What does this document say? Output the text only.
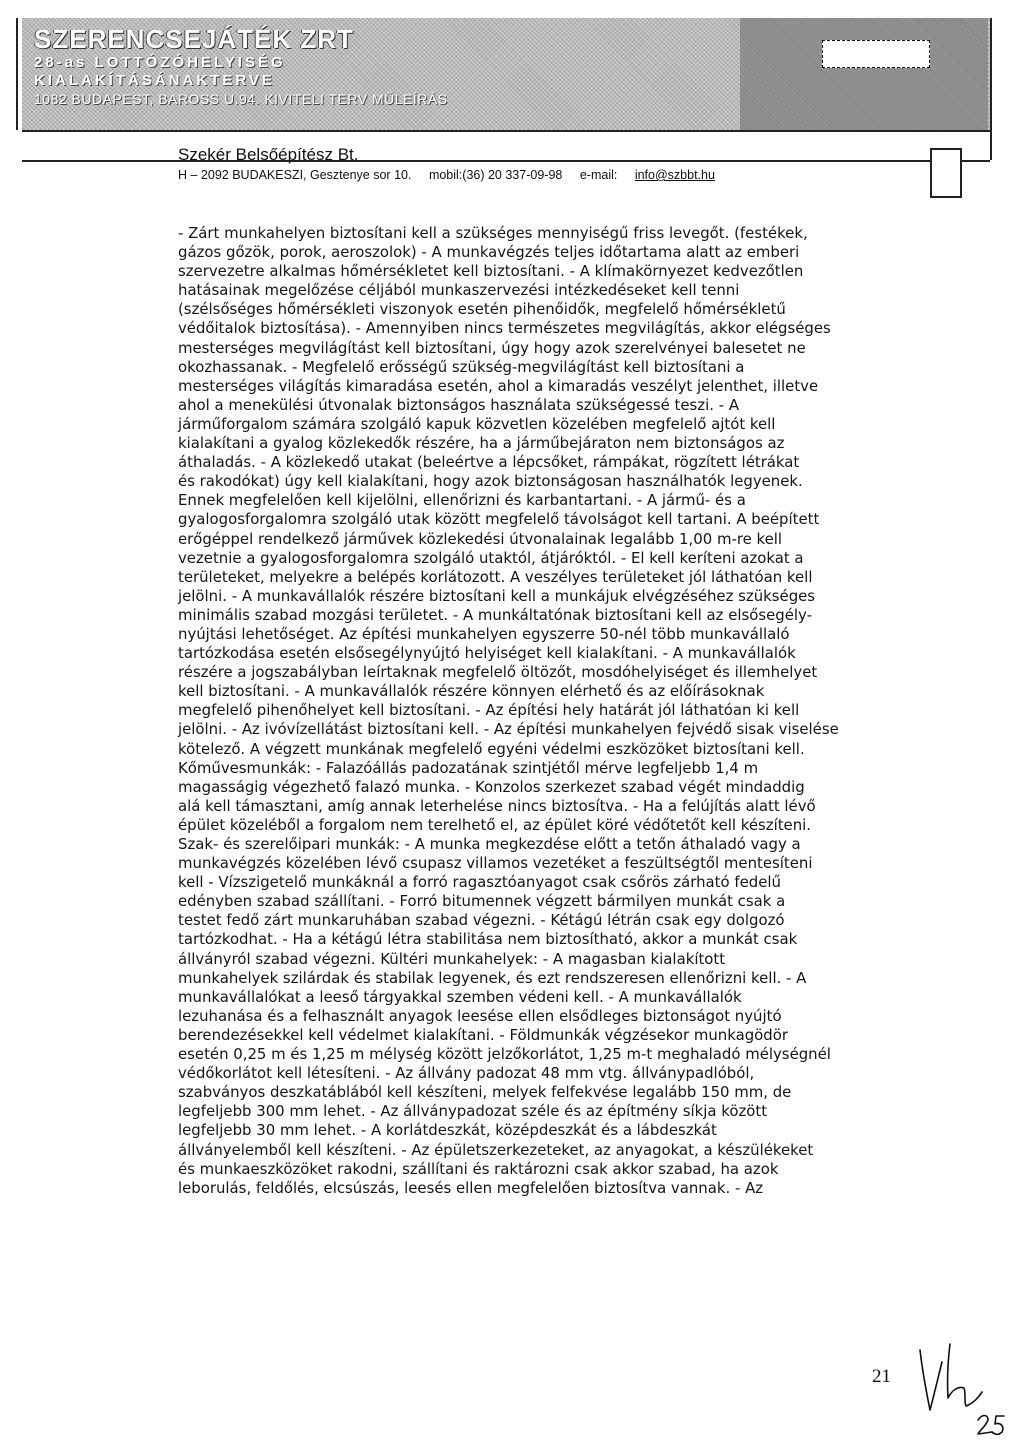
SZERENCSEJÁTÉK ZRT
28-as LOTTÓZÓHELYISÉG
KIALAKÍTÁSÁNAKTERVE
1082 BUDAPEST, BAROSS U.94. KIVITELI TERV MŰLEÍRÁS
Szekér Belsőépítész Bt.
H – 2092 BUDAKESZI, Gesztenye sor 10. mobil:(36) 20 337-09-98 e-mail: info@szbbt.hu
- Zárt munkahelyen biztosítani kell a szükséges mennyiségű friss levegőt. (festékek,
gázos gőzök, porok, aeroszolok) - A munkavégzés teljes időtartama alatt az emberi
szervezetre alkalmas hőmérsékletet kell biztosítani. - A klímakörnyezet kedvezőtlen
hatásainak megelőzése céljából munkaszervezési intézkedéseket kell tenni
(szélsőséges hőmérsékleti viszonyok esetén pihenőidők, megfelelő hőmérsékletű
védőitalok biztosítása). - Amennyiben nincs természetes megvilágítás, akkor elégséges
mesterséges megvilágítást kell biztosítani, úgy hogy azok szerelvényei balesetet ne
okozhassanak. - Megfelelő erősségű szükség-megvilágítást kell biztosítani a
mesterséges világítás kimaradása esetén, ahol a kimaradás veszélyt jelenthet, illetve
ahol a menekülési útvonalak biztonságos használata szükségessé teszi. - A
járműforgalom számára szolgáló kapuk közvetlen közelében megfelelő ajtót kell
kialakítani a gyalog közlekedők részére, ha a járműbejáraton nem biztonságos az
áthaladás. - A közlekedő utakat (beleértve a lépcsőket, rámpákat, rögzített létrákat
és rakodókat) úgy kell kialakítani, hogy azok biztonságosan használhatók legyenek.
Ennek megfelelően kell kijelölni, ellenőrizni és karbantartani. - A jármű- és a
gyalogosforgalomra szolgáló utak között megfelelő távolságot kell tartani. A beépített
erőgéppel rendelkező járművek közlekedési útvonalainak legalább 1,00 m-re kell
vezetnie a gyalogosforgalomra szolgáló utaktól, átjáróktól. - El kell keríteni azokat a
területeket, melyekre a belépés korlátozott. A veszélyes területeket jól láthatóan kell
jelölni. - A munkavállalók részére biztosítani kell a munkájuk elvégzéséhez szükséges
minimális szabad mozgási területet. - A munkáltatónak biztosítani kell az elsősegély-
nyújtási lehetőséget. Az építési munkahelyen egyszerre 50-nél több munkavállaló
tartózkodása esetén elsősegélynyújtó helyiséget kell kialakítani. - A munkavállalók
részére a jogszabályban leírtaknak megfelelő öltözőt, mosdóhelyiséget és illemhelyet
kell biztosítani. - A munkavállalók részére könnyen elérhető és az előírásoknak
megfelelő pihenőhelyet kell biztosítani. - Az építési hely határát jól láthatóan ki kell
jelölni. - Az ivóvízellátást biztosítani kell. - Az építési munkahelyen fejvédő sisak viselése
kötelező. A végzett munkának megfelelő egyéni védelmi eszközöket biztosítani kell.
Kőművesmunkák: - Falazóállás padozatának szintjétől mérve legfeljebb 1,4 m
magasságig végezhető falazó munka. - Konzolos szerkezet szabad végét mindaddig
alá kell támasztani, amíg annak leterhelése nincs biztosítva. - Ha a felújítás alatt lévő
épület közeléből a forgalom nem terelhető el, az épület köré védőtetőt kell készíteni.
Szak- és szerelőipari munkák: - A munka megkezdése előtt a tetőn áthaladó vagy a
munkavégzés közelében lévő csupasz villamos vezetéket a feszültségtől mentesíteni
kell - Vízszigetelő munkáknál a forró ragasztóanyagot csak csőrös zárható fedelű
edényben szabad szállítani. - Forró bitumennek végzett bármilyen munkát csak a
testet fedő zárt munkaruhában szabad végezni. - Kétágú létrán csak egy dolgozó
tartózkodhat. - Ha a kétágú létra stabilitása nem biztosítható, akkor a munkát csak
állványról szabad végezni. Kültéri munkahelyek: - A magasban kialakított
munkahelyek szilárdak és stabilak legyenek, és ezt rendszeresen ellenőrizni kell. - A
munkavállalókat a leeső tárgyakkal szemben védeni kell. - A munkavállalók
lezuhanása és a felhasznált anyagok leesése ellen elsődleges biztonságot nyújtó
berendezésekkel kell védelmet kialakítani. - Földmunkák végzésekor munkagödör
esetén 0,25 m és 1,25 m mélység között jelzőkorlátot, 1,25 m-t meghaladó mélységnél
védőkorlátot kell létesíteni. - Az állvány padozat 48 mm vtg. állványpadlóból,
szabványos deszkatáblából kell készíteni, melyek felfekvése legalább 150 mm, de
legfeljebb 300 mm lehet. - Az állványpadozat széle és az építmény síkja között
legfeljebb 30 mm lehet. - A korlátdeszkát, középdeszkát és a lábdeszkát
állványelemből kell készíteni. - Az épületszerkezeteket, az anyagokat, a készülékeket
és munkaeszközöket rakodni, szállítani és raktározni csak akkor szabad, ha azok
leborulás, feldőlés, elcsúszás, leesés ellen megfelelően biztosítva vannak. - Az
21
